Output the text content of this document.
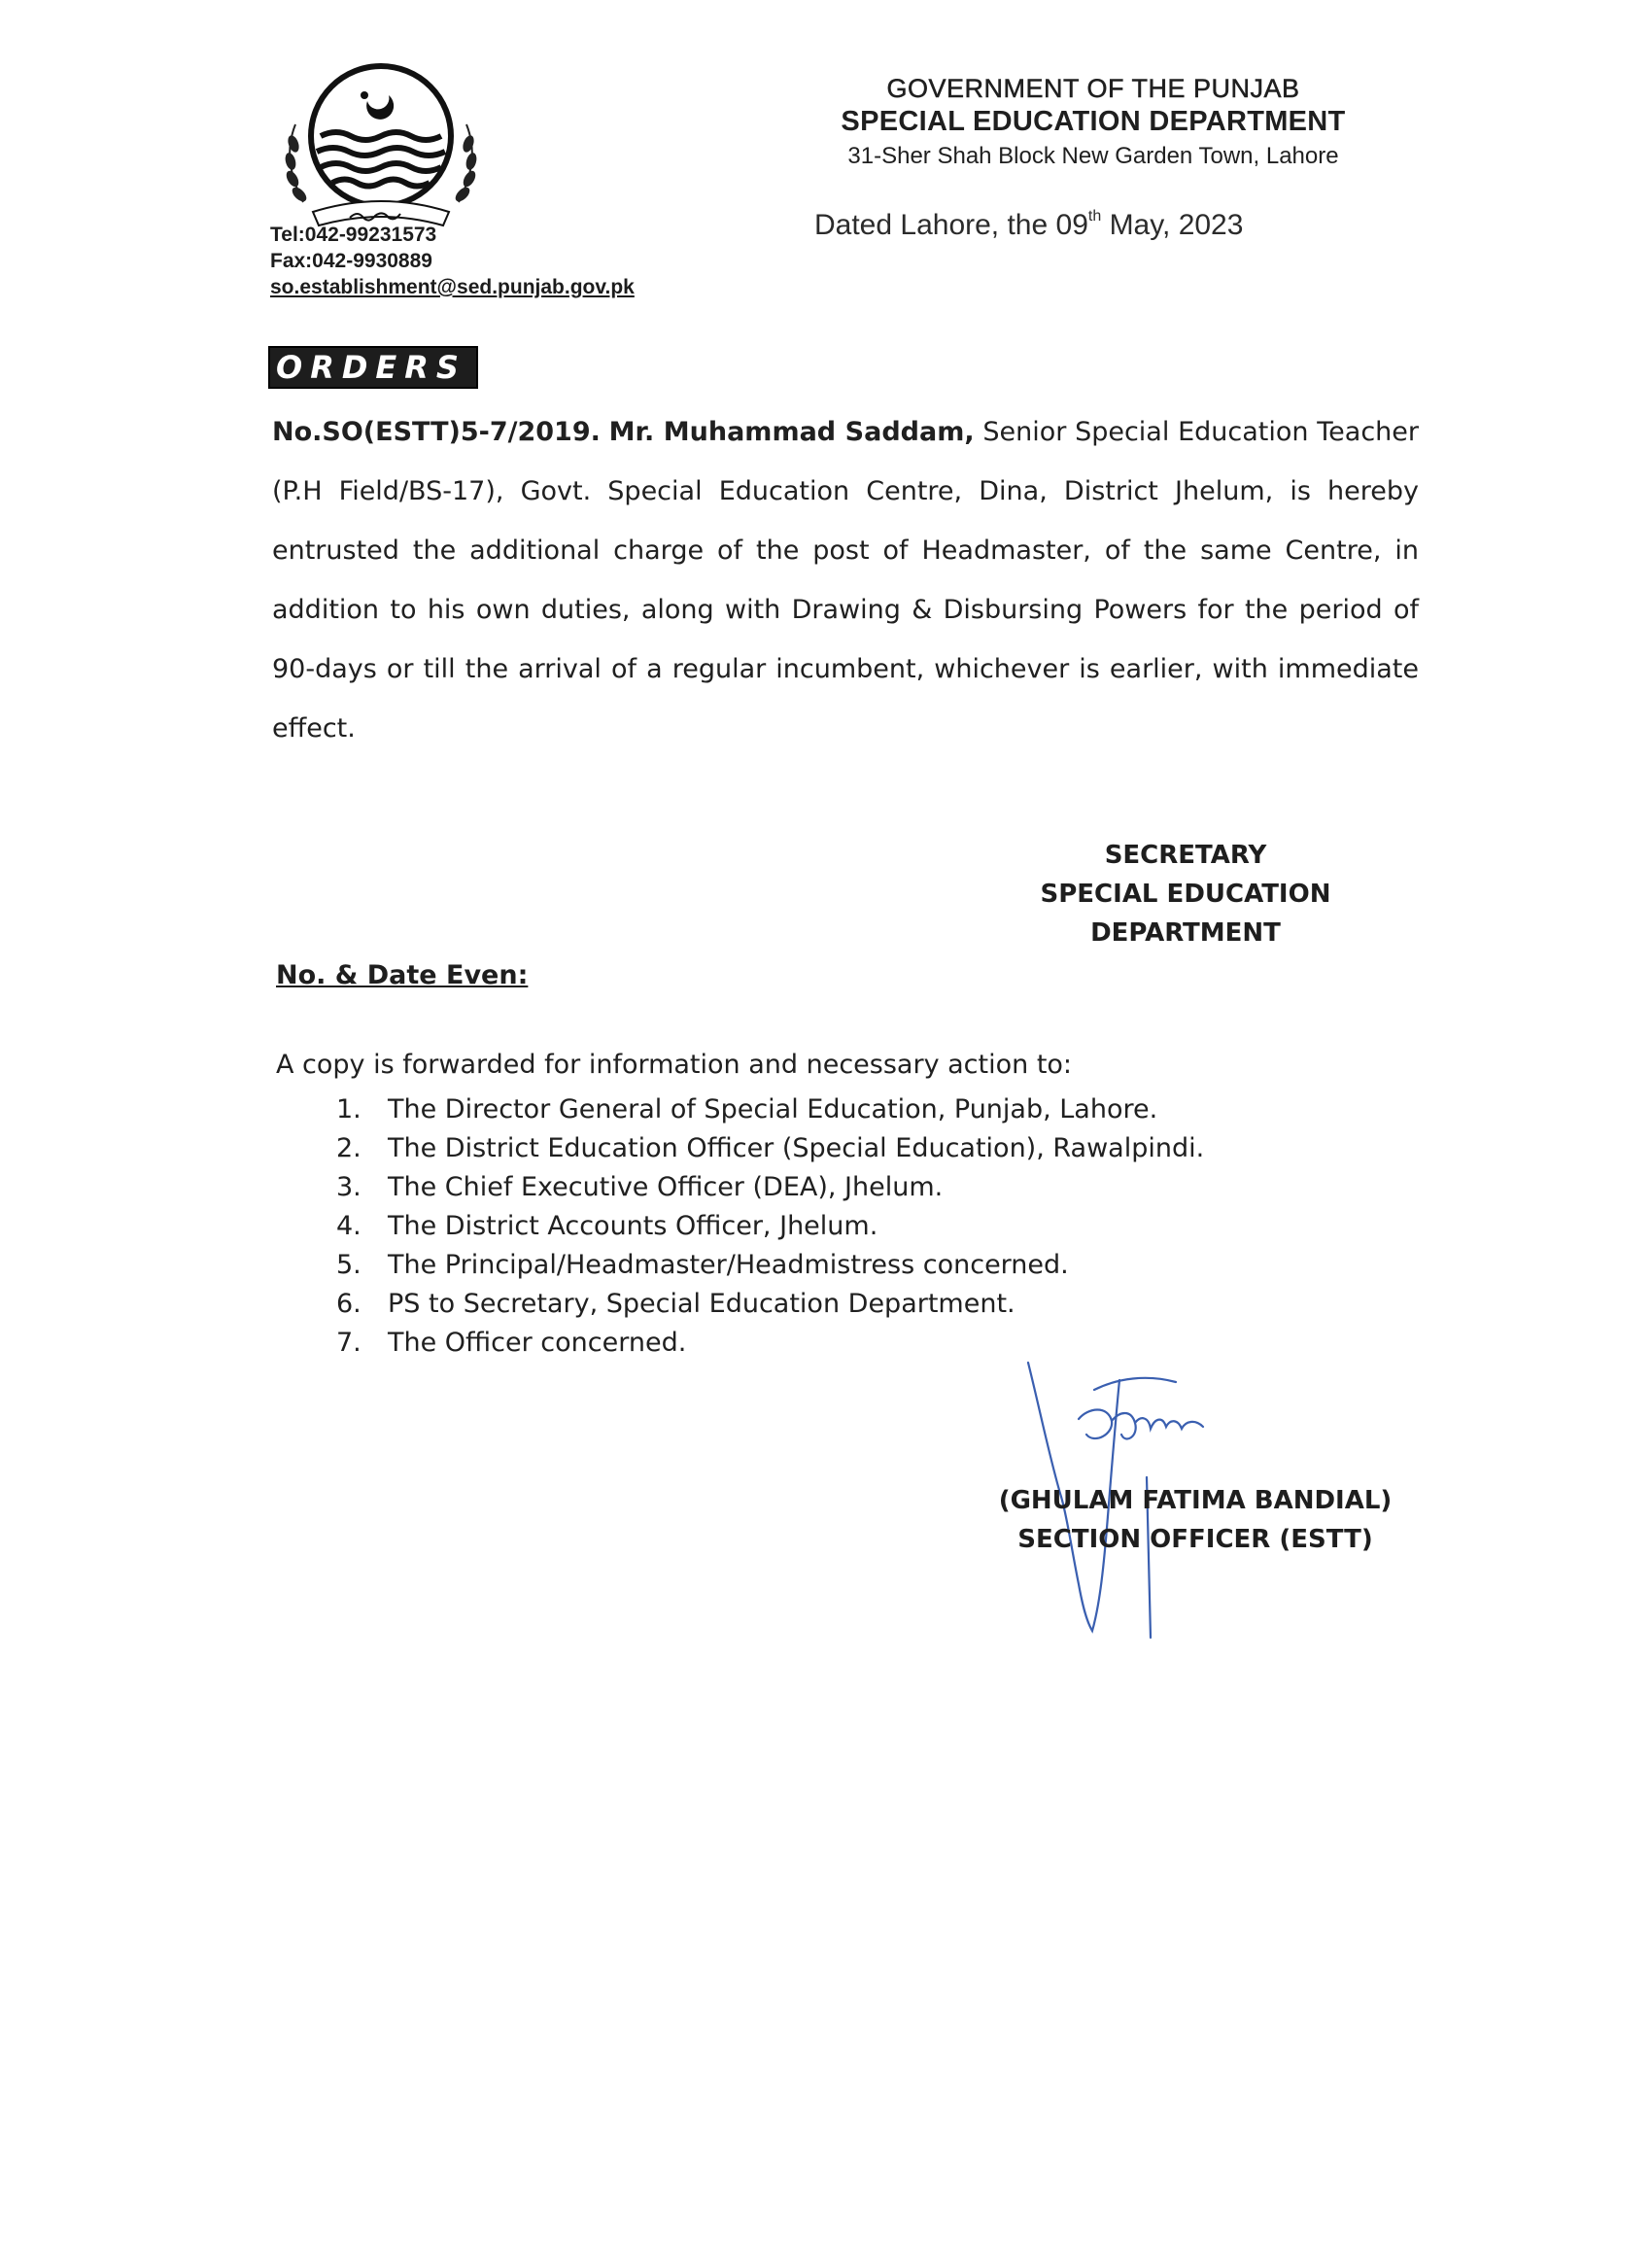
Tel:042-99231573
Fax:042-9930889
so.establishment@sed.punjab.gov.pk
GOVERNMENT OF THE PUNJAB
SPECIAL EDUCATION DEPARTMENT
31-Sher Shah Block New Garden Town, Lahore
Dated Lahore, the 09th May, 2023
ORDERS
No.SO(ESTT)5-7/2019. Mr. Muhammad Saddam, Senior Special Education Teacher (P.H Field/BS-17), Govt. Special Education Centre, Dina, District Jhelum, is hereby entrusted the additional charge of the post of Headmaster, of the same Centre, in addition to his own duties, along with Drawing & Disbursing Powers for the period of 90-days or till the arrival of a regular incumbent, whichever is earlier, with immediate effect.
SECRETARY
SPECIAL EDUCATION
DEPARTMENT
No. & Date Even:
A copy is forwarded for information and necessary action to:
1.	The Director General of Special Education, Punjab, Lahore.
2.	The District Education Officer (Special Education), Rawalpindi.
3.	The Chief Executive Officer (DEA), Jhelum.
4.	The District Accounts Officer, Jhelum.
5.	The Principal/Headmaster/Headmistress concerned.
6.	PS to Secretary, Special Education Department.
7.	The Officer concerned.
(GHULAM FATIMA BANDIAL)
SECTION OFFICER (ESTT)
